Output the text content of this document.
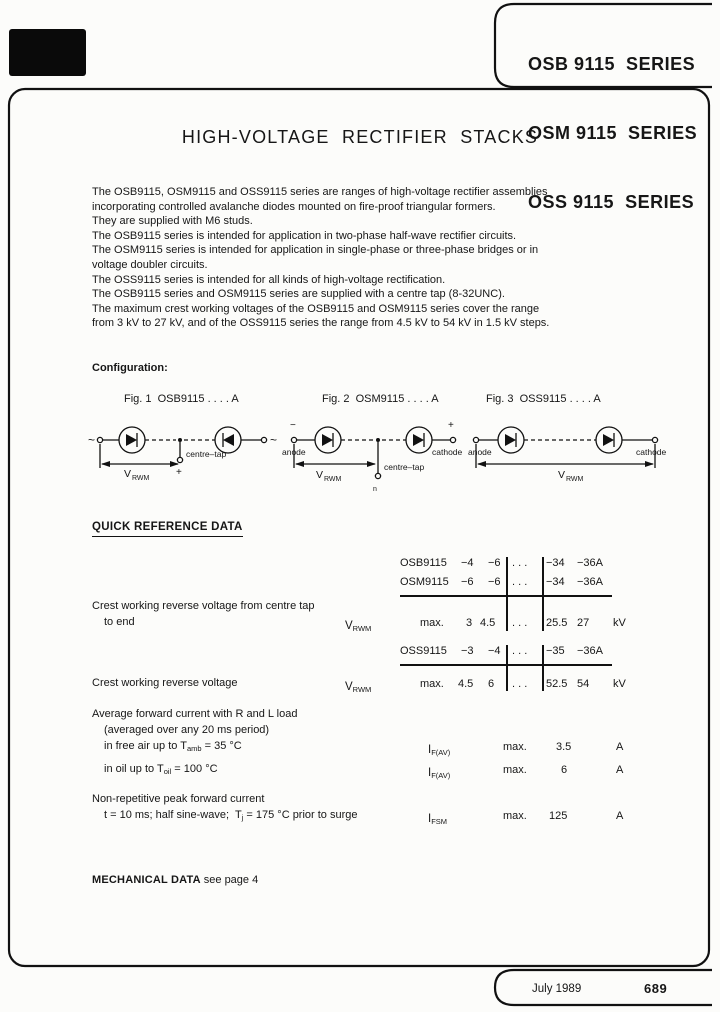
OSB 9115  SERIES

OSM 9115  SERIES

OSS 9115  SERIES

HIGH-VOLTAGE  RECTIFIER  STACKS
The OSB9115, OSM9115 and OSS9115 series are ranges of high-voltage rectifier assemblies
incorporating controlled avalanche diodes mounted on fire-proof triangular formers.
They are supplied with M6 studs.
The OSB9115 series is intended for application in two-phase half-wave rectifier circuits.
The OSM9115 series is intended for application in single-phase or three-phase bridges or in
voltage doubler circuits.
The OSS9115 series is intended for all kinds of high-voltage rectification.
The OSB9115 series and OSM9115 series are supplied with a centre tap (8-32UNC).
The maximum crest working voltages of the OSB9115 and OSM9115 series cover the range
from 3 kV to 27 kV, and of the OSS9115 series the range from 4.5 kV to 54 kV in 1.5 kV steps.
Configuration:
Fig. 1  OSB9115 . . . . A	Fig. 2  OSM9115 . . . . A	Fig. 3  OSS9115 . . . . A
~	~
centre–tap
+
V RWM
−	+
anode	cathode
centre–tap
n
V RWM
anode	cathode
V RWM
QUICK REFERENCE DATA
OSB9115 −4 −6 . . . −34 −36A
OSM9115 −6 −6 . . . −34 −36A
Crest working reverse voltage from centre tap
to end	VRWM	max. 3 4.5 . . . 25.5 27 kV
OSS9115 −3 −4 . . . −35 −36A
Crest working reverse voltage	VRWM	max. 4.5 6 . . . 52.5 54 kV
Average forward current with R and L load
(averaged over any 20 ms period)
in free air up to Tamb = 35 °C	IF(AV)	max.	3.5	A
in oil up to Toil = 100 °C	IF(AV)	max.	6	A
Non-repetitive peak forward current
t = 10 ms; half sine-wave;  Tj = 175 °C prior to surge	IFSM	max. 125	A
MECHANICAL DATA see page 4
July 1989	689
